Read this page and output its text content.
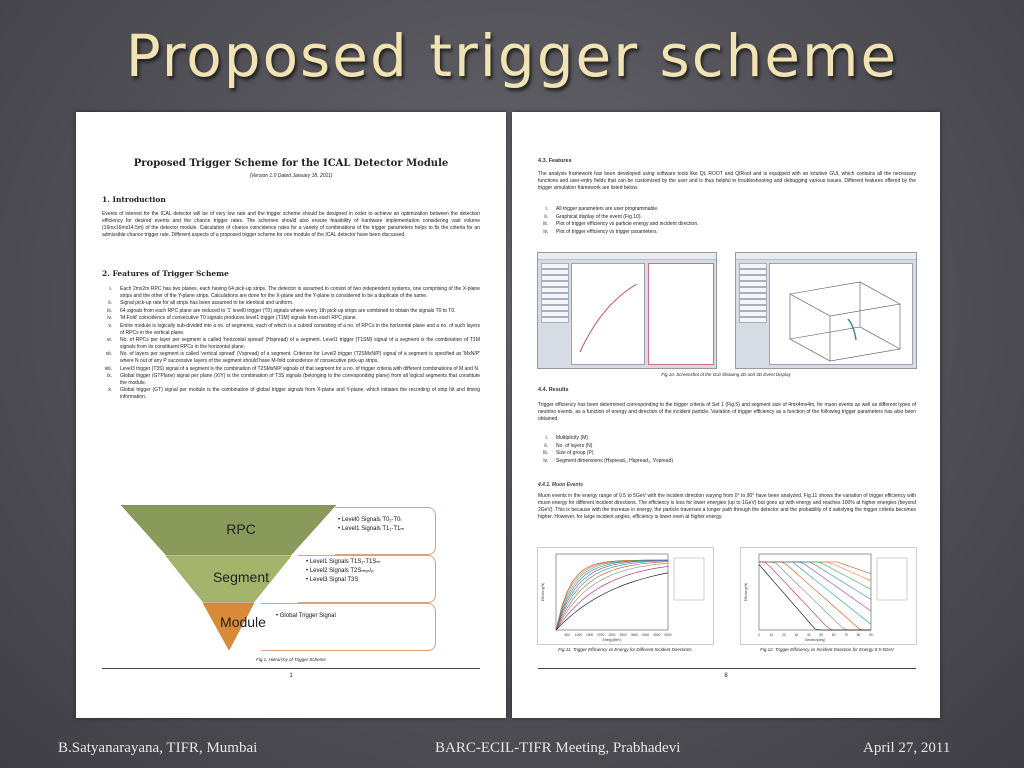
Proposed trigger scheme
Proposed Trigger Scheme for the ICAL Detector Module
(Version 1.0 Dated January 18, 2011)
1. Introduction
Events of interest for the ICAL detector will be of very low rate and the trigger scheme should be designed in order to achieve an optimization between the detection efficiency for desired events and the chance trigger rates. The schemes should also ensure feasibility of hardware implementation considering vast volume (16mx16mx14.5m) of the detector module. Calculation of chance coincidence rates for a variety of combinations of the trigger parameters helps to fix the criteria for an admissible chance trigger rate. Different aspects of a proposed trigger scheme for one module of the ICAL detector have been discussed.
2. Features of Trigger Scheme
i.	Each 2mx2m RPC has two planes, each having 64 pick-up strips. The detector is assumed to consist of two independent systems, one comprising of the X-plane strips and the other of the Y-plane strips. Calculations are done for the X-plane and the Y-plane is considered to be a duplicate of the same.
ii.	Signal pick-up rate for all strips has been assumed to be identical and uniform.
iii.	64 signals from each RPC plane are reduced to '1' level0 trigger (T0) signals where every 1th pick-up strips are combined to obtain the signals T0 to T0.
iv.	'M-Fold' coincidence of consecutive T0 signals produces level1 trigger (T1M) signals from each RPC plane.
v.	Entire module is logically sub-divided into a no. of segments, each of which is a cuboid consisting of a no. of RPCs in the horizontal plane and a no. of such layers of RPCs in the vertical plane.
vi.	No. of RPCs per layer per segment is called 'horizontal spread' (Hspread) of a segment. Level1 trigger (T1SM) signal of a segment is the combination of T1M signals from its constituent RPCs in the horizontal plane.
vii.	No. of layers per segment is called 'vertical spread' (Vspread) of a segment. Criterion for Level2 trigger (T2SMxN/P) signal of a segment is specified as 'MxN/P' where N out of any P successive layers of the segment should have M-fold coincidence of consecutive pick-up strips.
viii.	Level3 trigger (T3S) signal of a segment is the combination of T2SMxN/P signals of that segment for a no. of trigger criteria with different combinations of M and N.
ix.	Global trigger (GTPlane) signal per plane (X/Y) is the combination of T3S signals (belonging to the corresponding plane) from all logical segments that constitute the module.
x.	Global trigger (GT) signal per module is the combination of global trigger signals from X-plane and Y-plane, which initiates the recording of strip hit and timing information.
RPC
Segment
Module
• Level0 Signals T0₁-T0ₗ
• Level1 Signals T1₁-T1ₘ
• Level1 Signals T1S₁-T1Sₘ
• Level2 Signals T2Sₘₓₙ/ₚ
• Level3 Signal T3S
• Global Trigger Signal
Fig.1. Hierarchy of Trigger Scheme
1
4.3. Features
The analysis framework has been developed using software tools like Qt, ROOT and QtRoot and is equipped with an intuitive GUI, which contains all the necessary functions and user-entry fields that can be customized by the user and is thus helpful in troubleshooting and debugging various issues. Different features offered by the trigger simulation framework are listed below.
i.	All trigger parameters are user programmable.
ii.	Graphical display of the event (Fig.10).
iii.	Plot of trigger efficiency vs particle energy and incident direction.
iv.	Plot of trigger efficiency vs trigger parameters.
Fig.10. Screenshot of the GUI Showing 2D and 3D Event Display
4.4. Results
Trigger efficiency has been determined corresponding to the trigger criteria of Set 1 (Fig.5) and segment size of 4mx4mx4m, for muon events as well as different types of neutrino events, as a function of energy and direction of the incident particle. Variation of trigger efficiency as a function of the following trigger parameters has also been obtained.
i.	Multiplicity (M)
ii.	No. of layers (N)
iii.	Size of group (P)
iv.	Segment dimensions (Hspread₁, Hspread₂, Vspread)
4.4.1. Muon Events
Muon events in the energy range of 0.5 to 5GeV with the incident direction varying from 0° to 90° have been analyzed. Fig.11 shows the variation of trigger efficiency with muon energy for different incident directions. The efficiency is less for lower energies (up to 1GeV) but goes up with energy and reaches 100% at higher energies (beyond 2GeV). This is because with the increase in energy, the particle traverses a longer path through the detector and the probability of it satisfying the trigger criteria becomes higher. However, for large incident angles, efficiency is lower even at higher energy.
500 1000 1500 2000 2500 3000 3500 4000 4500 5000
Energy(MeV)
Efficiency(%)
0	10	20	30	40	50	60	70	80	90
Direction(deg)
Efficiency(%)
Fig.11. Trigger Efficiency vs Energy for Different Incident Directions	Fig.12. Trigger Efficiency vs Incident Direction for Energy 0.5-5GeV
8
B.Satyanarayana, TIFR, Mumbai	BARC-ECIL-TIFR Meeting, Prabhadevi	April 27, 2011
